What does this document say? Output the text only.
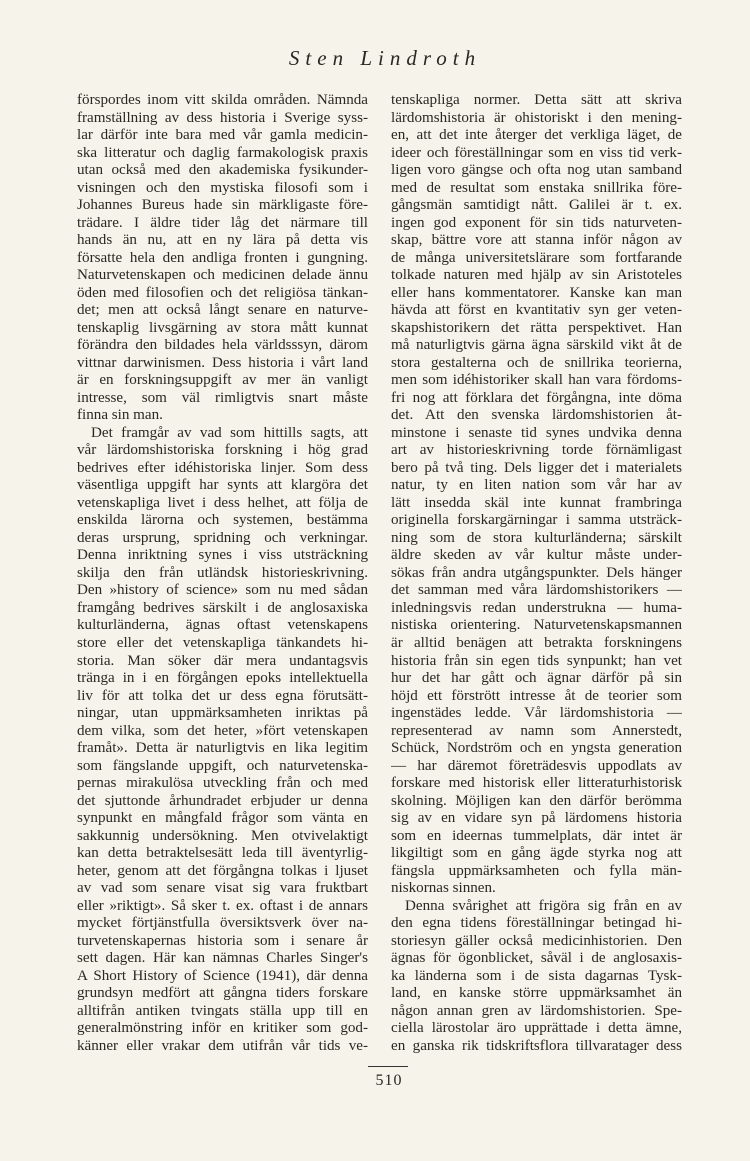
Sten Lindroth
förspordes inom vitt skilda områden. Nämnda
framställning av dess historia i Sverige syss-
lar därför inte bara med vår gamla medicin-
ska litteratur och daglig farmakologisk praxis
utan också med den akademiska fysikunder-
visningen och den mystiska filosofi som i
Johannes Bureus hade sin märkligaste före-
trädare. I äldre tider låg det närmare till
hands än nu, att en ny lära på detta vis
försatte hela den andliga fronten i gungning.
Naturvetenskapen och medicinen delade ännu
öden med filosofien och det religiösa tänkan-
det; men att också långt senare en naturve-
tenskaplig livsgärning av stora mått kunnat
förändra den bildades hela världsssyn, därom
vittnar darwinismen. Dess historia i vårt land
är en forskningsuppgift av mer än vanligt
intresse, som väl rimligtvis snart måste
finna sin man.
Det framgår av vad som hittills sagts, att
vår lärdomshistoriska forskning i hög grad
bedrives efter idéhistoriska linjer. Som dess
väsentliga uppgift har synts att klargöra det
vetenskapliga livet i dess helhet, att följa de
enskilda lärorna och systemen, bestämma
deras ursprung, spridning och verkningar.
Denna inriktning synes i viss utsträckning
skilja den från utländsk historieskrivning.
Den »history of science» som nu med sådan
framgång bedrives särskilt i de anglosaxiska
kulturländerna, ägnas oftast vetenskapens
store eller det vetenskapliga tänkandets hi-
storia. Man söker där mera undantagsvis
tränga in i en förgången epoks intellektuella
liv för att tolka det ur dess egna förutsätt-
ningar, utan uppmärksamheten inriktas på
dem vilka, som det heter, »fört vetenskapen
framåt». Detta är naturligtvis en lika legitim
som fängslande uppgift, och naturvetenska-
pernas mirakulösa utveckling från och med
det sjuttonde århundradet erbjuder ur denna
synpunkt en mångfald frågor som vänta en
sakkunnig undersökning. Men otvivelaktigt
kan detta betraktelsesätt leda till äventyrlig-
heter, genom att det förgångna tolkas i ljuset
av vad som senare visat sig vara fruktbart
eller »riktigt». Så sker t. ex. oftast i de annars
mycket förtjänstfulla översiktsverk över na-
turvetenskapernas historia som i senare år
sett dagen. Här kan nämnas Charles Singer's
A Short History of Science (1941), där denna
grundsyn medfört att gångna tiders forskare
alltifrån antiken tvingats ställa upp till en
generalmönstring inför en kritiker som god-
känner eller vrakar dem utifrån vår tids ve-
tenskapliga normer. Detta sätt att skriva
lärdomshistoria är ohistoriskt i den mening-
en, att det inte återger det verkliga läget, de
ideer och föreställningar som en viss tid verk-
ligen voro gängse och ofta nog utan samband
med de resultat som enstaka snillrika före-
gångsmän samtidigt nått. Galilei är t. ex.
ingen god exponent för sin tids naturveten-
skap, bättre vore att stanna inför någon av
de många universitetslärare som fortfarande
tolkade naturen med hjälp av sin Aristoteles
eller hans kommentatorer. Kanske kan man
hävda att först en kvantitativ syn ger veten-
skapshistorikern det rätta perspektivet. Han
må naturligtvis gärna ägna särskild vikt åt de
stora gestalterna och de snillrika teorierna,
men som idéhistoriker skall han vara fördoms-
fri nog att förklara det förgångna, inte döma
det. Att den svenska lärdomshistorien åt-
minstone i senaste tid synes undvika denna
art av historieskrivning torde förnämligast
bero på två ting. Dels ligger det i materialets
natur, ty en liten nation som vår har av
lätt insedda skäl inte kunnat frambringa
originella forskargärningar i samma utsträck-
ning som de stora kulturländerna; särskilt
äldre skeden av vår kultur måste under-
sökas från andra utgångspunkter. Dels hänger
det samman med våra lärdomshistorikers —
inledningsvis redan understrukna — huma-
nistiska orientering. Naturvetenskapsmannen
är alltid benägen att betrakta forskningens
historia från sin egen tids synpunkt; han vet
hur det har gått och ägnar därför på sin
höjd ett förstrött intresse åt de teorier som
ingenstädes ledde. Vår lärdomshistoria —
representerad av namn som Annerstedt,
Schück, Nordström och en yngsta generation
— har däremot företrädesvis uppodlats av
forskare med historisk eller litteraturhistorisk
skolning. Möjligen kan den därför berömma
sig av en vidare syn på lärdomens historia
som en ideernas tummelplats, där intet är
likgiltigt som en gång ägde styrka nog att
fängsla uppmärksamheten och fylla män-
niskornas sinnen.
Denna svårighet att frigöra sig från en av
den egna tidens föreställningar betingad hi-
storiesyn gäller också medicinhistorien. Den
ägnas för ögonblicket, såväl i de anglosaxis-
ka länderna som i de sista dagarnas Tysk-
land, en kanske större uppmärksamhet än
någon annan gren av lärdomshistorien. Spe-
ciella lärostolar äro upprättade i detta ämne,
en ganska rik tidskriftsflora tillvaratager dess
510
